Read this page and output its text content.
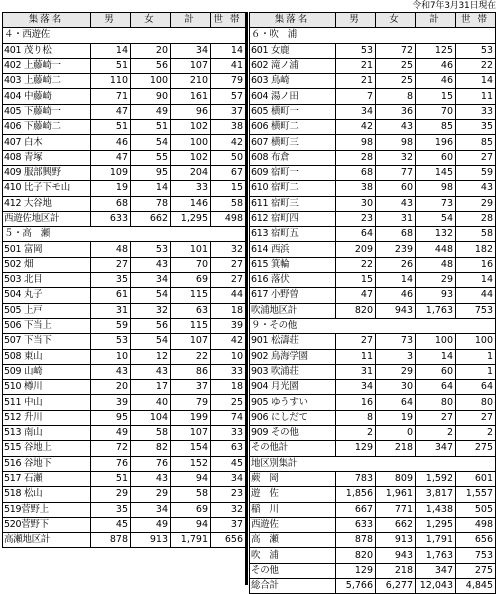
令和7年3月31日現在
集落名	男	女	計	世 帯
４・西遊佐				
401 茂り松	14	20	34	14
402 上藤崎一	51	56	107	41
403 上藤崎二	110	100	210	79
404 中藤崎	71	90	161	57
405 下藤崎一	47	49	96	37
406 下藤崎二	51	51	102	38
407 白木	46	54	100	42
408 青塚	47	55	102	50
409 服部興野	109	95	204	67
410 比子下モ山	19	14	33	15
412 大谷地	68	78	146	58
西遊佐地区計	633	662	1,295	498
５・高　瀬				
501 富岡	48	53	101	32
502 畑	27	43	70	27
503 北目	35	34	69	27
504 丸子	61	54	115	44
505 上戸	31	32	63	18
506 下当上	59	56	115	39
507 下当下	53	54	107	42
508 東山	10	12	22	10
509 山崎	43	43	86	33
510 樽川	20	17	37	18
511 中山	39	40	79	25
512 升川	95	104	199	74
513 南山	49	58	107	33
515 谷地上	72	82	154	63
516 谷地下	76	76	152	45
517 石瀬	51	43	94	34
518 松山	29	29	58	23
519菅野上	35	34	69	32
520菅野下	45	49	94	37
高瀬地区計	878	913	1,791	656
集落名	男	女	計	世 帯
６・吹　浦				
601 女鹿	53	72	125	53
602 滝ノ浦	21	25	46	22
603 鳥崎	21	25	46	14
604 湯ノ田	7	8	15	11
605 横町一	34	36	70	33
606 横町二	42	43	85	35
607 横町三	98	98	196	85
608 布倉	28	32	60	27
609 宿町一	68	77	145	59
610 宿町二	38	60	98	43
611 宿町三	30	43	73	29
612 宿町四	23	31	54	28
613 宿町五	64	68	132	58
614 西浜	209	239	448	182
615 箕輪	22	26	48	16
616 落伏	15	14	29	14
617 小野曽	47	46	93	44
吹浦地区計	820	943	1,763	753
９・その他				
901 松濤荘	27	73	100	100
902 鳥海学園	11	3	14	1
903 吹浦荘	31	29	60	1
904 月光園	34	30	64	64
905 ゆうすい	16	64	80	80
906 にしだて	8	19	27	27
909 その他	2	0	2	2
その他計	129	218	347	275
地区別集計				
蕨　岡	783	809	1,592	601
遊　佐	1,856	1,961	3,817	1,557
稲　川	667	771	1,438	505
西遊佐	633	662	1,295	498
高　瀬	878	913	1,791	656
吹　浦	820	943	1,763	753
その他	129	218	347	275
総合計	5,766	6,277	12,043	4,845
